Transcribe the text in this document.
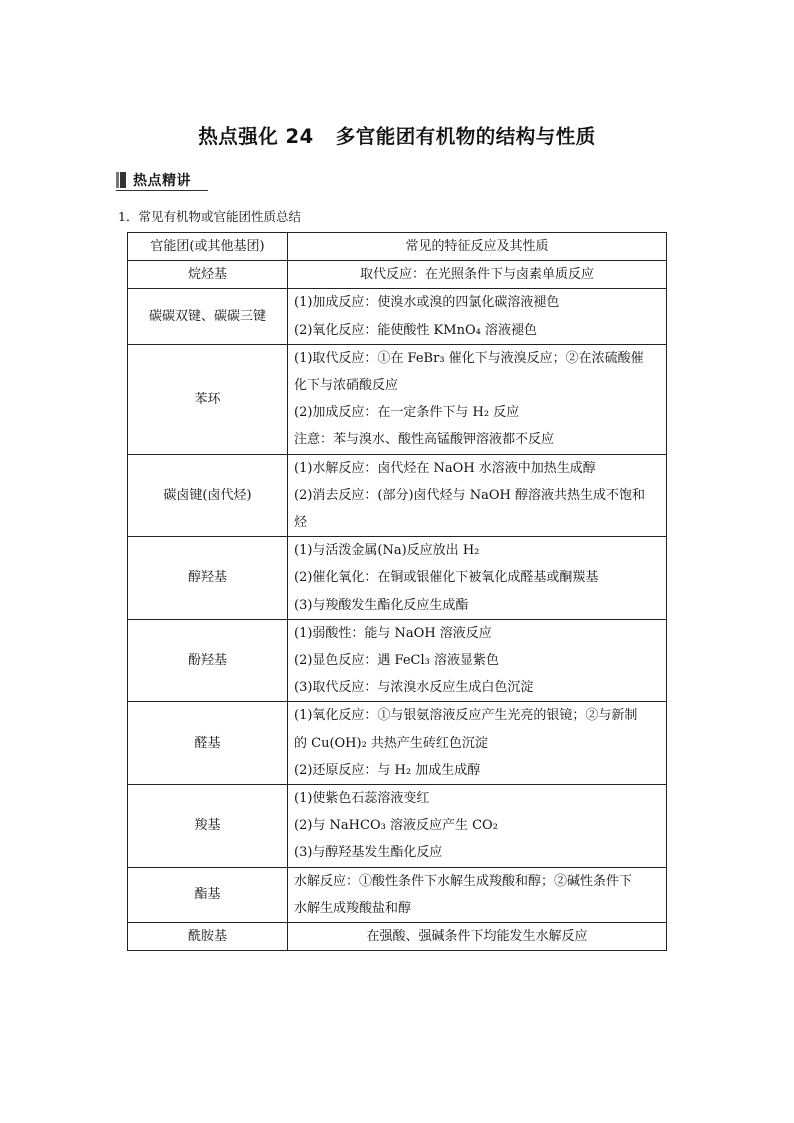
热点强化 24 多官能团有机物的结构与性质
热点精讲
1．常见有机物或官能团性质总结
官能团(或其他基团)	常见的特征反应及其性质
烷烃基	取代反应：在光照条件下与卤素单质反应

碳碳双键、碳碳三键	(1)加成反应：使溴水或溴的四氯化碳溶液褪色
(2)氧化反应：能使酸性 KMnO₄ 溶液褪色

苯环	(1)取代反应：①在 FeBr₃ 催化下与液溴反应；②在浓硫酸催
化下与浓硝酸反应
(2)加成反应：在一定条件下与 H₂ 反应
注意：苯与溴水、酸性高锰酸钾溶液都不反应

碳卤键(卤代烃)	(1)水解反应：卤代烃在 NaOH 水溶液中加热生成醇
(2)消去反应：(部分)卤代烃与 NaOH 醇溶液共热生成不饱和
烃

醇羟基	(1)与活泼金属(Na)反应放出 H₂
(2)催化氧化：在铜或银催化下被氧化成醛基或酮羰基
(3)与羧酸发生酯化反应生成酯

酚羟基	(1)弱酸性：能与 NaOH 溶液反应
(2)显色反应：遇 FeCl₃ 溶液显紫色
(3)取代反应：与浓溴水反应生成白色沉淀

醛基	(1)氧化反应：①与银氨溶液反应产生光亮的银镜；②与新制
的 Cu(OH)₂ 共热产生砖红色沉淀
(2)还原反应：与 H₂ 加成生成醇

羧基	(1)使紫色石蕊溶液变红
(2)与 NaHCO₃ 溶液反应产生 CO₂
(3)与醇羟基发生酯化反应

酯基	水解反应：①酸性条件下水解生成羧酸和醇；②碱性条件下
水解生成羧酸盐和醇

酰胺基	在强酸、强碱条件下均能发生水解反应
